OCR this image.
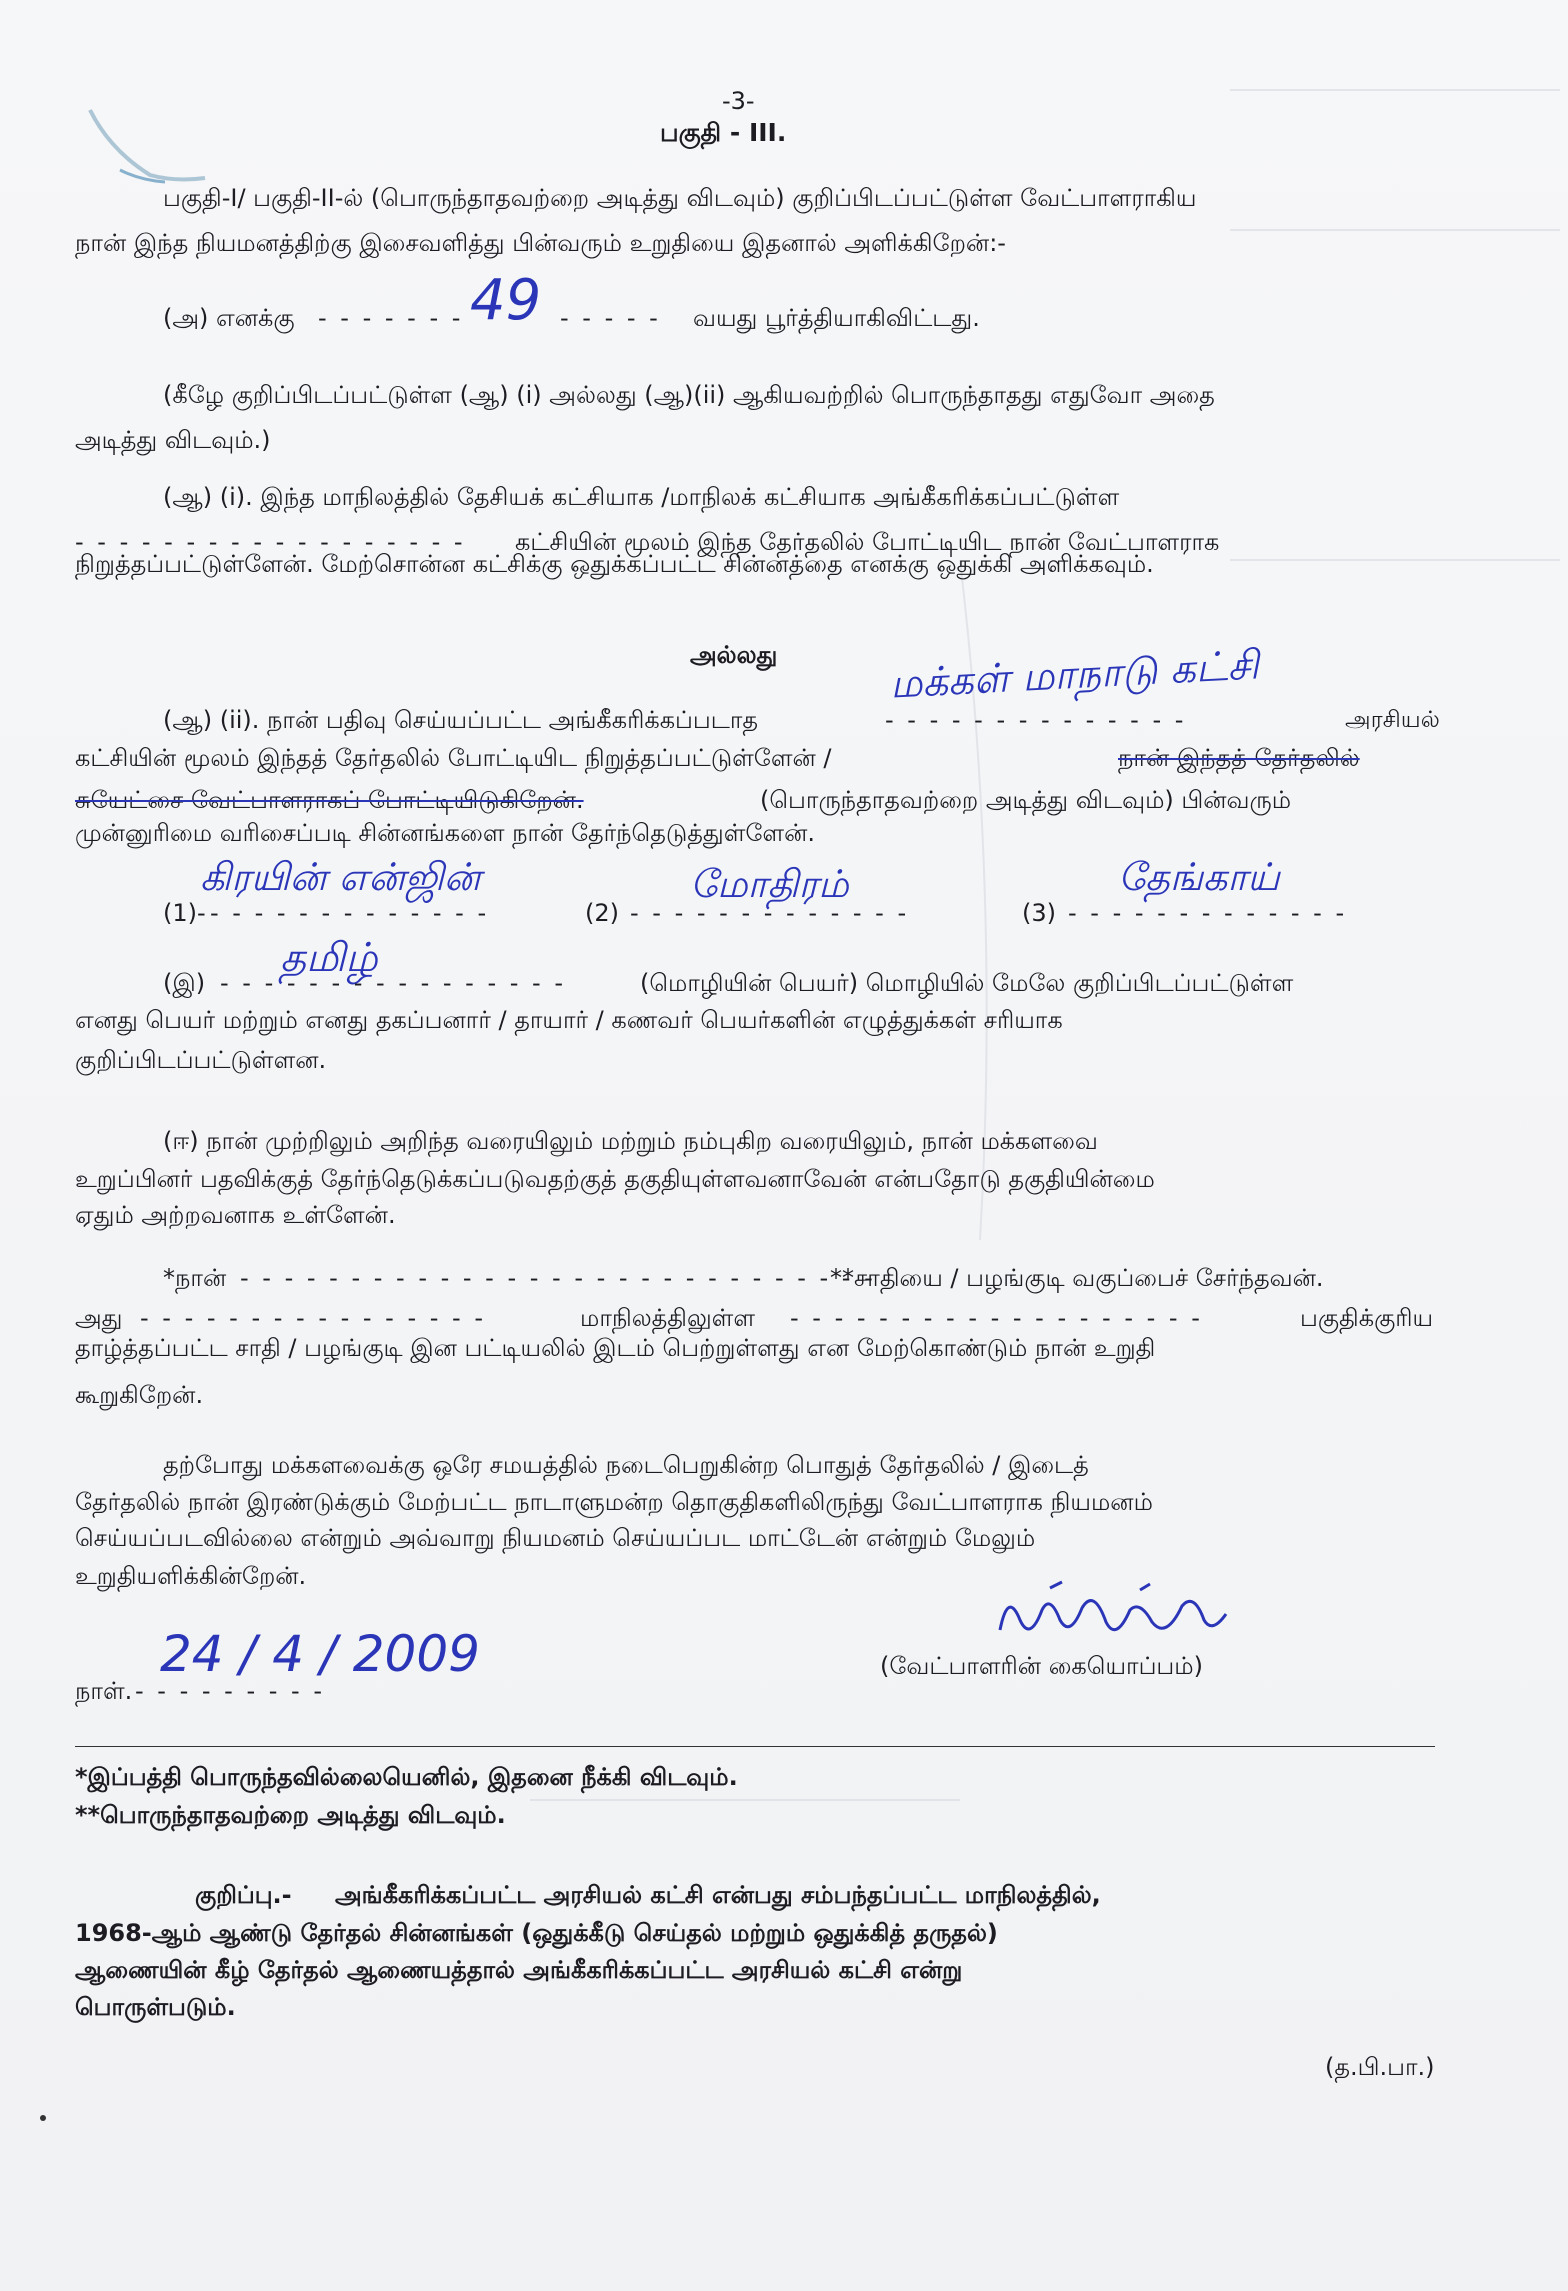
-3-
பகுதி - III.
பகுதி-I/ பகுதி-II-ல் (பொருந்தாதவற்றை அடித்து விடவும்) குறிப்பிடப்பட்டுள்ள வேட்பாளராகிய
நான் இந்த நியமனத்திற்கு இசைவளித்து பின்வரும் உறுதியை இதனால் அளிக்கிறேன்:-
(அ) எனக்கு - - - - - - - 49 - - - - - வயது பூர்த்தியாகிவிட்டது.
(கீழே குறிப்பிடப்பட்டுள்ள (ஆ) (i) அல்லது (ஆ)(ii) ஆகியவற்றில் பொருந்தாதது எதுவோ அதை
அடித்து விடவும்.)
(ஆ) (i). இந்த மாநிலத்தில் தேசியக் கட்சியாக /மாநிலக் கட்சியாக அங்கீகரிக்கப்பட்டுள்ள
- - - - - - - - - - - - - - - - - - கட்சியின் மூலம் இந்த தேர்தலில் போட்டியிட நான் வேட்பாளராக
நிறுத்தப்பட்டுள்ளேன். மேற்சொன்ன கட்சிக்கு ஒதுக்கப்பட்ட சின்னத்தை எனக்கு ஒதுக்கி அளிக்கவும்.
அல்லது
(ஆ) (ii). நான் பதிவு செய்யப்பட்ட அங்கீகரிக்கப்படாத	- - - - - - - - - - - - - -
மக்கள் மாநாடு கட்சி
அரசியல்
கட்சியின் மூலம் இந்தத் தேர்தலில் போட்டியிட நிறுத்தப்பட்டுள்ளேன் /	நான் இந்தத் தேர்தலில்
சுயேட்சை வேட்பாளராகப் போட்டியிடுகிறேன்.	(பொருந்தாதவற்றை அடித்து விடவும்) பின்வரும்
முன்னுரிமை வரிசைப்படி சின்னங்களை நான் தேர்ந்தெடுத்துள்ளேன்.
கிரயின் என்ஜின்	மோதிரம்	தேங்காய்
(1)- - - - - - - - - - - - - -	(2) - - - - - - - - - - - - -	(3) - - - - - - - - - - - - -
தமிழ்
(இ) - - - - - - - - - - - - - - - -	(மொழியின் பெயர்) மொழியில் மேலே குறிப்பிடப்பட்டுள்ள
எனது பெயர் மற்றும் எனது தகப்பனார் / தாயார் / கணவர் பெயர்களின் எழுத்துக்கள் சரியாக
குறிப்பிடப்பட்டுள்ளன.
(ஈ) நான் முற்றிலும் அறிந்த வரையிலும் மற்றும் நம்புகிற வரையிலும், நான் மக்களவை
உறுப்பினர் பதவிக்குத் தேர்ந்தெடுக்கப்படுவதற்குத் தகுதியுள்ளவனாவேன் என்பதோடு தகுதியின்மை
ஏதும் அற்றவனாக உள்ளேன்.
*நான் - - - - - - - - - - - - - - - - - - - - - - - - - - - - -
**சாதியை / பழங்குடி வகுப்பைச் சேர்ந்தவன்.
அது - - - - - - - - - - - - - - - -	மாநிலத்திலுள்ள - - - - - - - - - - - - - - - - - - -	பகுதிக்குரிய
தாழ்த்தப்பட்ட சாதி / பழங்குடி இன பட்டியலில் இடம் பெற்றுள்ளது என மேற்கொண்டும் நான் உறுதி
கூறுகிறேன்.
தற்போது மக்களவைக்கு ஒரே சமயத்தில் நடைபெறுகின்ற பொதுத் தேர்தலில் / இடைத்
தேர்தலில் நான் இரண்டுக்கும் மேற்பட்ட நாடாளுமன்ற தொகுதிகளிலிருந்து வேட்பாளராக நியமனம்
செய்யப்படவில்லை என்றும் அவ்வாறு நியமனம் செய்யப்பட மாட்டேன் என்றும் மேலும்
உறுதியளிக்கின்றேன்.
(வேட்பாளரின் கையொப்பம்)
நாள். - - - - - - - - -
24 / 4 / 2009
*இப்பத்தி பொருந்தவில்லையெனில், இதனை நீக்கி விடவும்.
**பொருந்தாதவற்றை அடித்து விடவும்.
குறிப்பு.- அங்கீகரிக்கப்பட்ட அரசியல் கட்சி என்பது சம்பந்தப்பட்ட மாநிலத்தில்,
1968-ஆம் ஆண்டு தேர்தல் சின்னங்கள் (ஒதுக்கீடு செய்தல் மற்றும் ஒதுக்கித் தருதல்)
ஆணையின் கீழ் தேர்தல் ஆணையத்தால் அங்கீகரிக்கப்பட்ட அரசியல் கட்சி என்று
பொருள்படும்.
(த.பி.பா.)
